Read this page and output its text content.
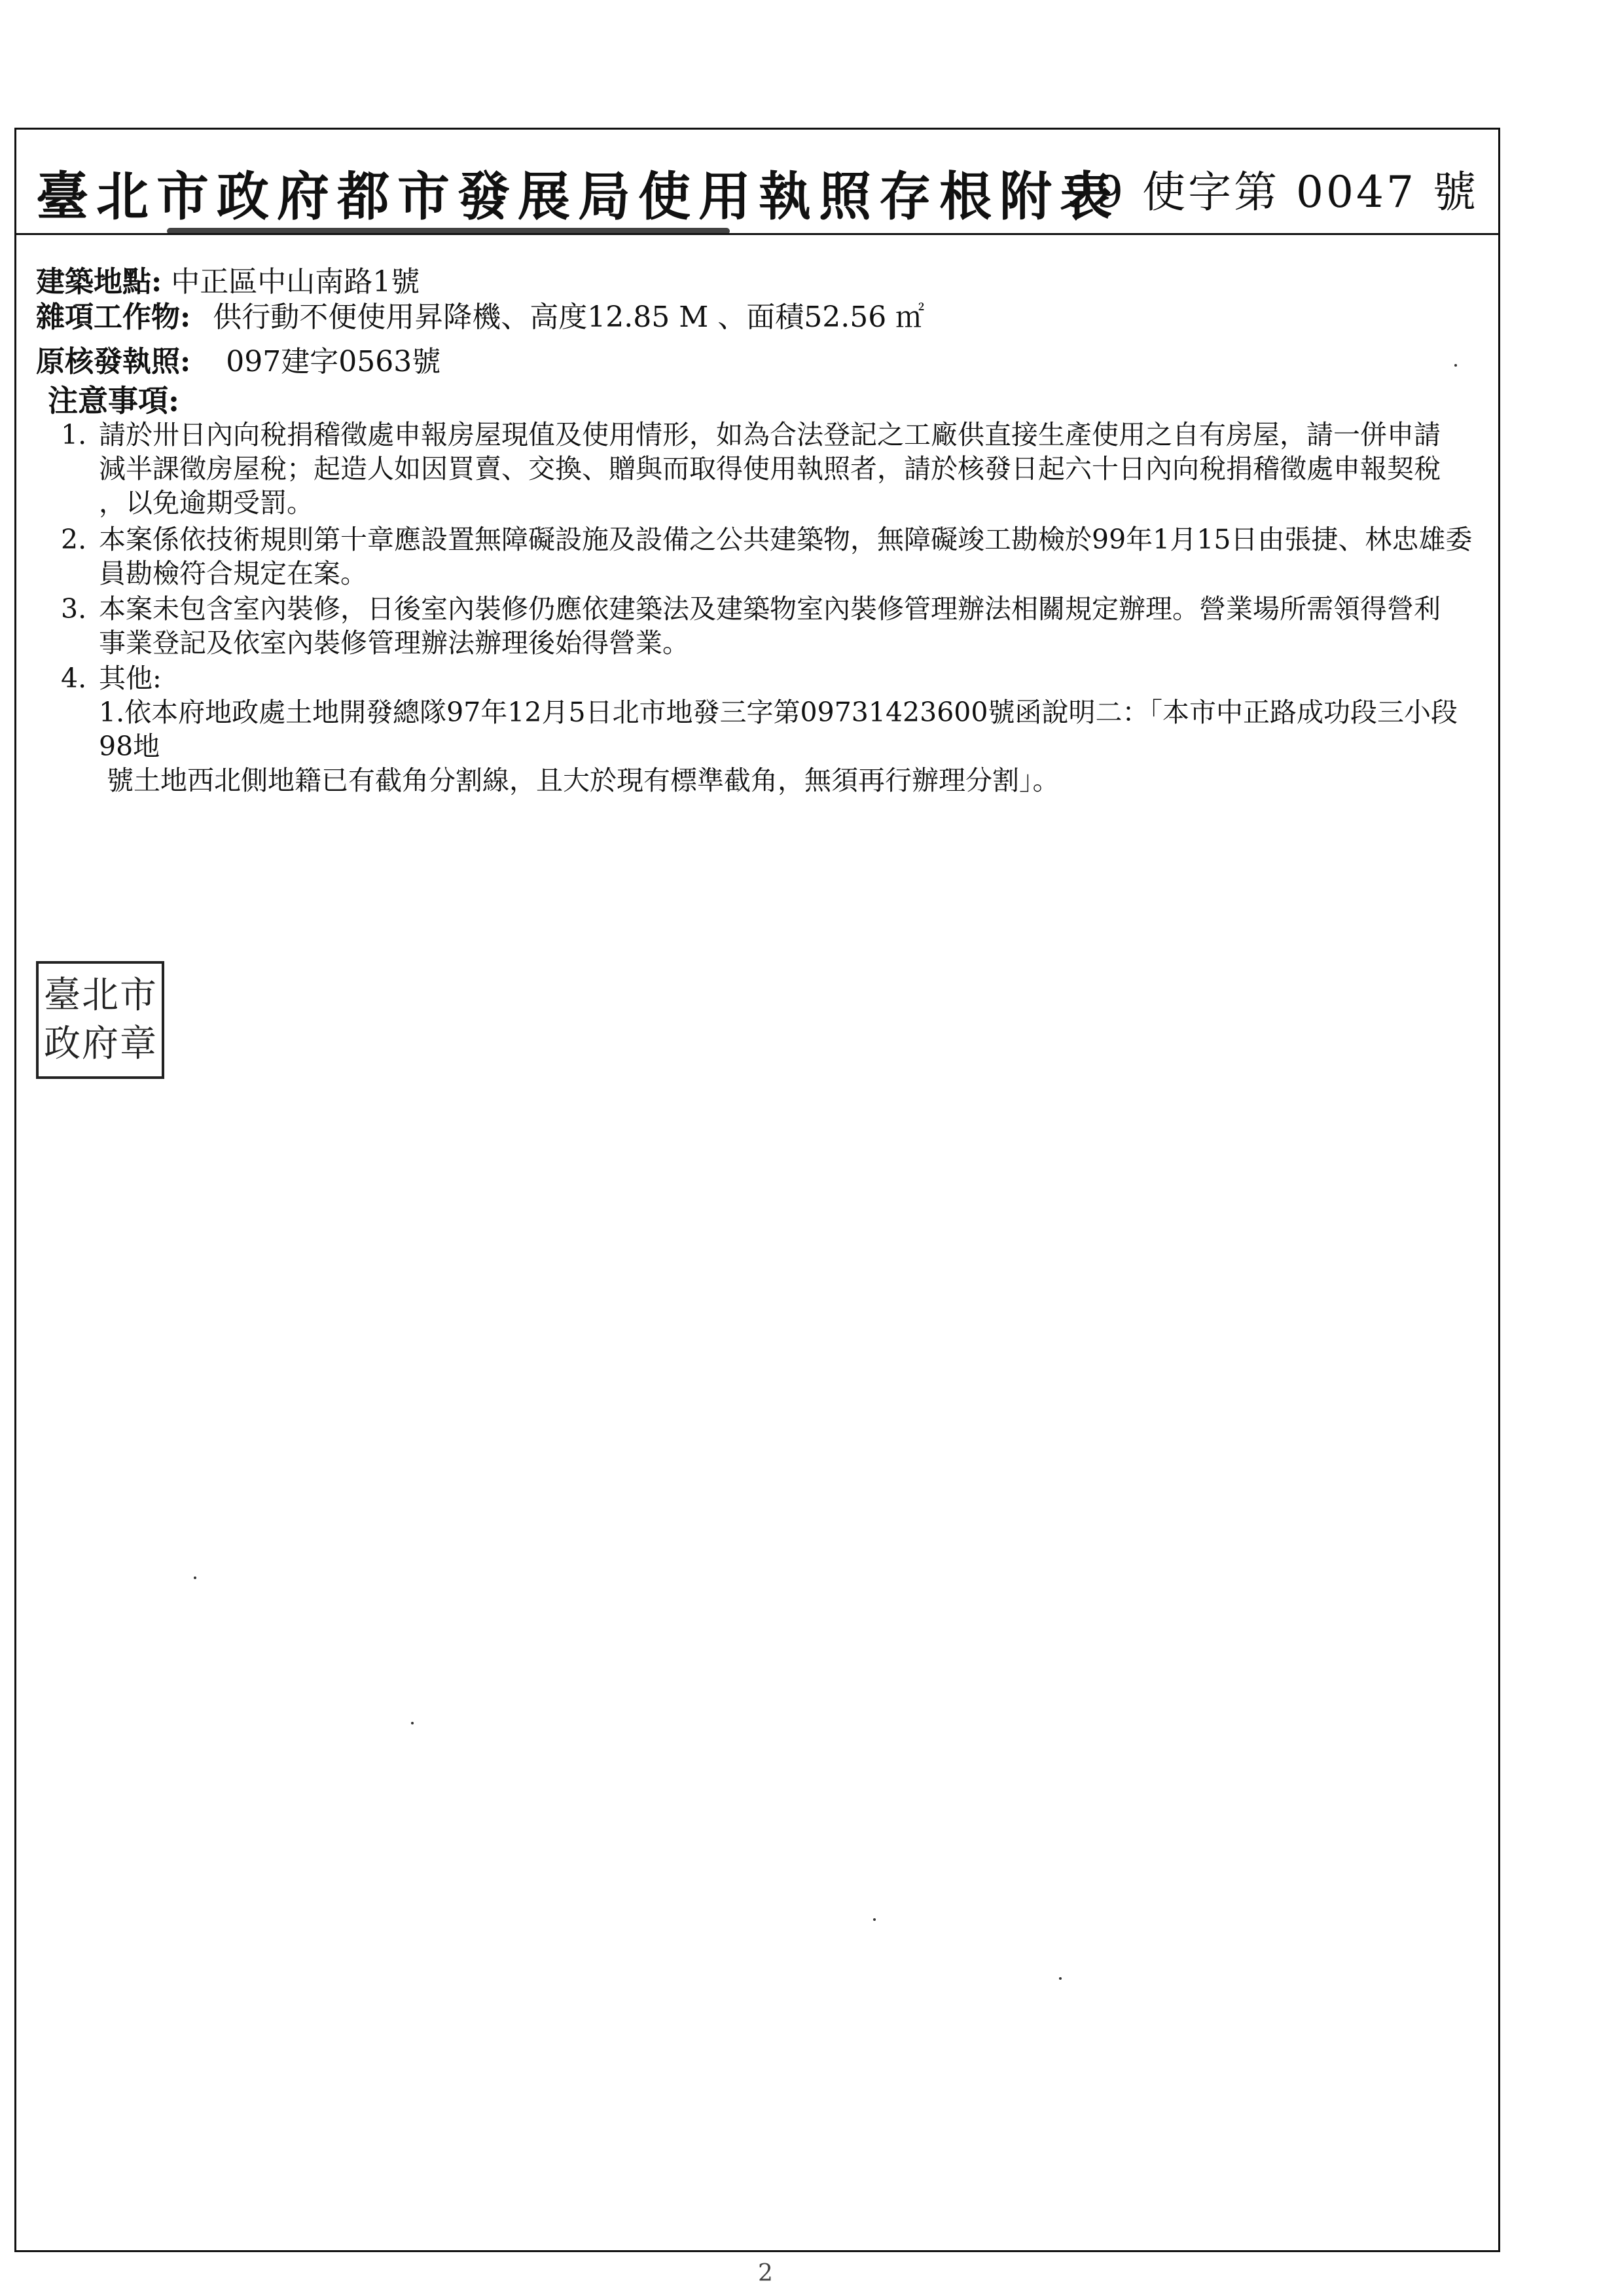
臺北市政府都市發展局使用執照存根附表
99 使字第 0047 號
建築地點: 中正區中山南路1號
雜項工作物: 供行動不便使用昇降機、高度12.85 M 、面積52.56 ㎡
原核發執照: 097建字0563號
注意事項:
1. 請於卅日內向稅捐稽徵處申報房屋現值及使用情形，如為合法登記之工廠供直接生產使用之自有房屋，請一併申請
減半課徵房屋稅；起造人如因買賣、交換、贈與而取得使用執照者，請於核發日起六十日內向稅捐稽徵處申報契稅
，以免逾期受罰。
2. 本案係依技術規則第十章應設置無障礙設施及設備之公共建築物，無障礙竣工勘檢於99年1月15日由張捷、林忠雄委
員勘檢符合規定在案。
3. 本案未包含室內裝修，日後室內裝修仍應依建築法及建築物室內裝修管理辦法相關規定辦理。營業場所需領得營利
事業登記及依室內裝修管理辦法辦理後始得營業。
4. 其他:
1.依本府地政處土地開發總隊97年12月5日北市地發三字第09731423600號函說明二：「本市中正路成功段三小段98地
號土地西北側地籍已有截角分割線，且大於現有標準截角，無須再行辦理分割」。
臺 北 市
政 府 章
2
